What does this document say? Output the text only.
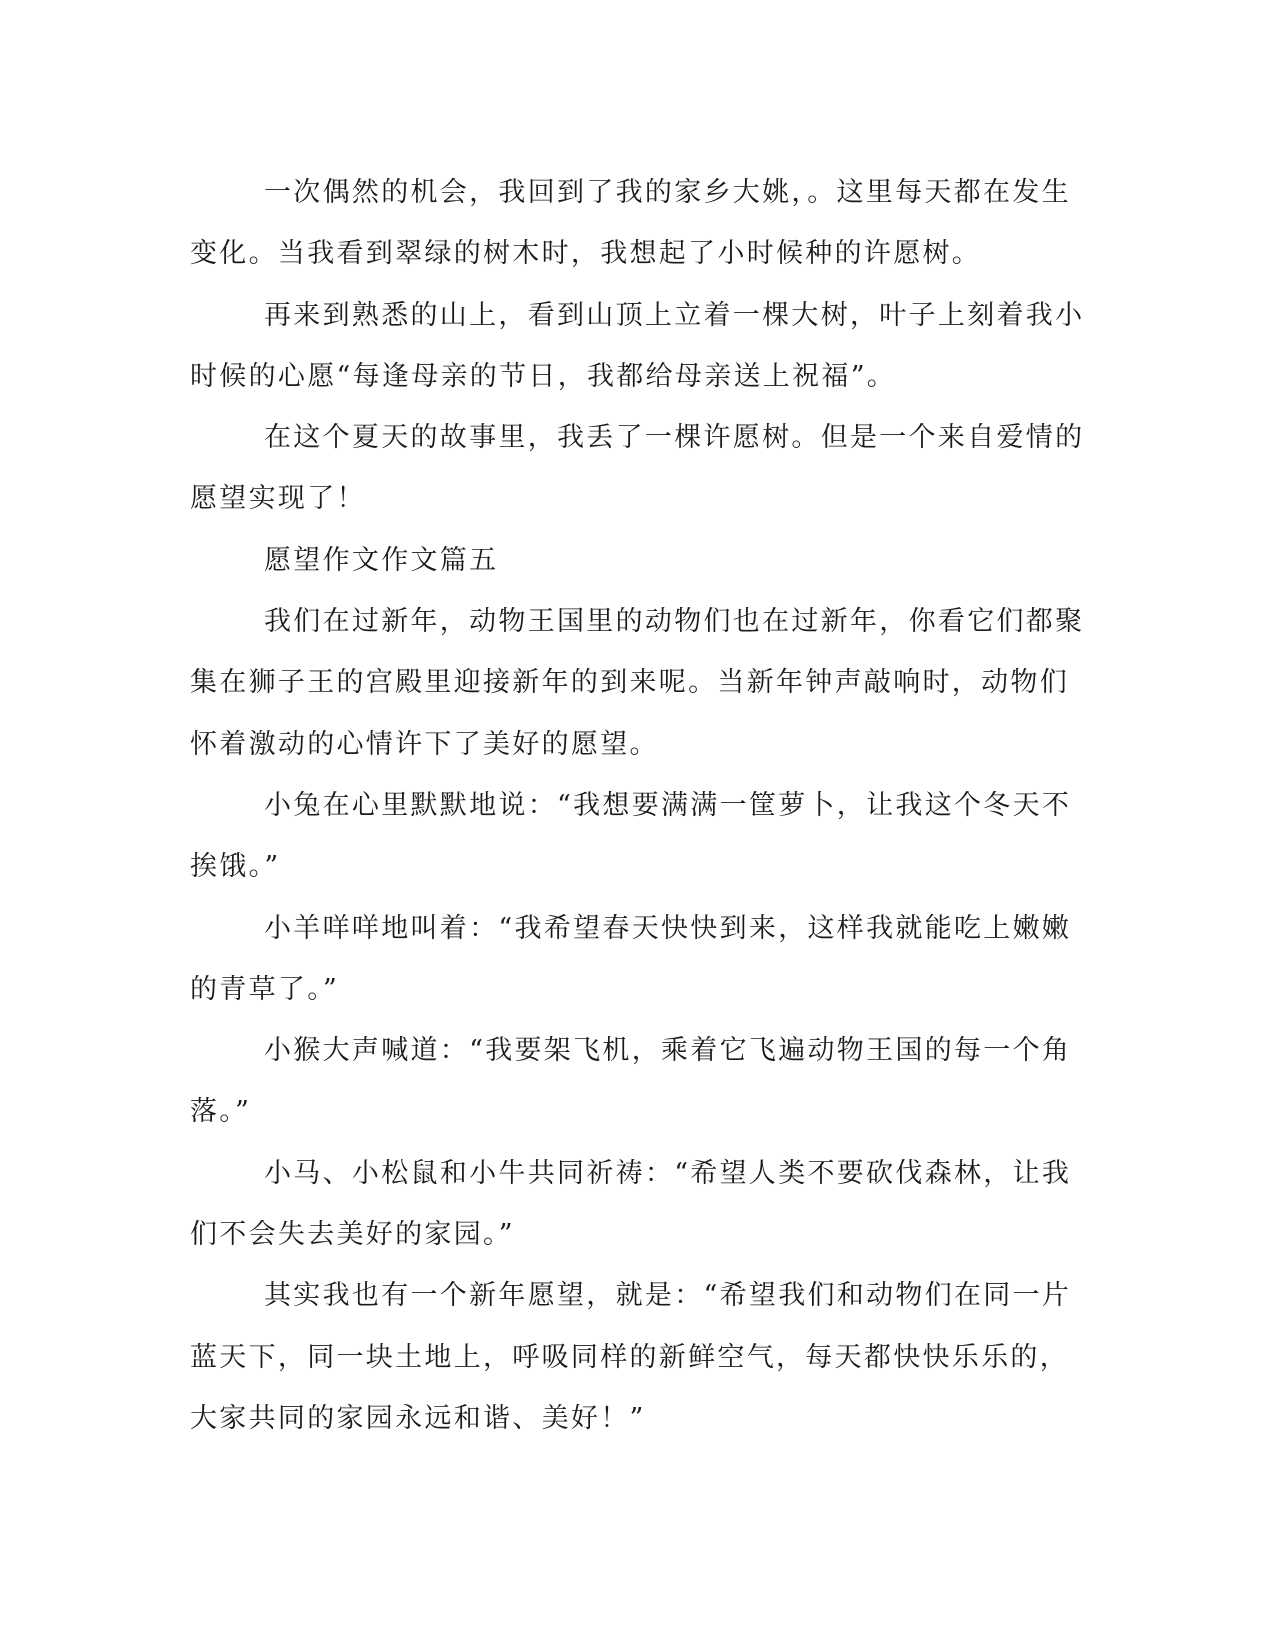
一次偶然的机会，我回到了我的家乡大姚，。这里每天都在发生
变化。当我看到翠绿的树木时，我想起了小时候种的许愿树。

再来到熟悉的山上，看到山顶上立着一棵大树，叶子上刻着我小
时候的心愿“每逢母亲的节日，我都给母亲送上祝福”。

在这个夏天的故事里，我丢了一棵许愿树。但是一个来自爱情的
愿望实现了！

愿望作文作文篇五

我们在过新年，动物王国里的动物们也在过新年，你看它们都聚
集在狮子王的宫殿里迎接新年的到来呢。当新年钟声敲响时，动物们
怀着激动的心情许下了美好的愿望。

小兔在心里默默地说：“我想要满满一筐萝卜，让我这个冬天不
挨饿。”

小羊咩咩地叫着：“我希望春天快快到来，这样我就能吃上嫩嫩
的青草了。”

小猴大声喊道：“我要架飞机，乘着它飞遍动物王国的每一个角
落。”

小马、小松鼠和小牛共同祈祷：“希望人类不要砍伐森林，让我
们不会失去美好的家园。”

其实我也有一个新年愿望，就是：“希望我们和动物们在同一片
蓝天下，同一块土地上，呼吸同样的新鲜空气，每天都快快乐乐的，
大家共同的家园永远和谐、美好！”
